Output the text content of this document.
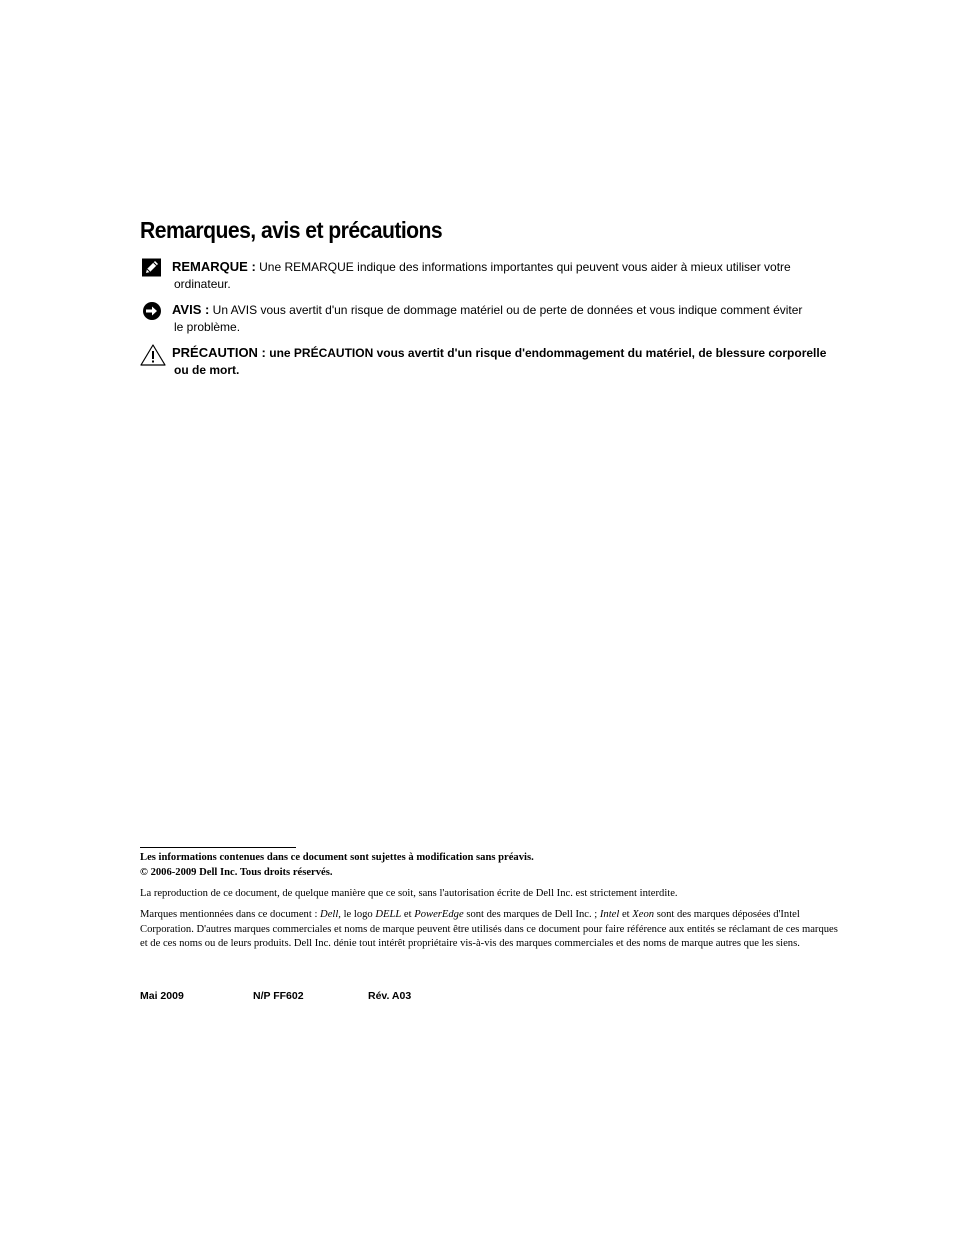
Remarques, avis et précautions
REMARQUE : Une REMARQUE indique des informations importantes qui peuvent vous aider à mieux utiliser votre
ordinateur.
AVIS : Un AVIS vous avertit d'un risque de dommage matériel ou de perte de données et vous indique comment éviter
le problème.
PRÉCAUTION : une PRÉCAUTION vous avertit d'un risque d'endommagement du matériel, de blessure corporelle
ou de mort.
Les informations contenues dans ce document sont sujettes à modification sans préavis.
© 2006-2009 Dell Inc. Tous droits réservés.
La reproduction de ce document, de quelque manière que ce soit, sans l'autorisation écrite de Dell Inc. est strictement interdite.
Marques mentionnées dans ce document : Dell, le logo DELL et PowerEdge sont des marques de Dell Inc. ; Intel et Xeon sont des marques déposées d'Intel Corporation. D'autres marques commerciales et noms de marque peuvent être utilisés dans ce document pour faire référence aux entités se réclamant de ces marques et de ces noms ou de leurs produits. Dell Inc. dénie tout intérêt propriétaire vis-à-vis des marques commerciales et des noms de marque autres que les siens.
Mai 2009	N/P FF602	Rév. A03
